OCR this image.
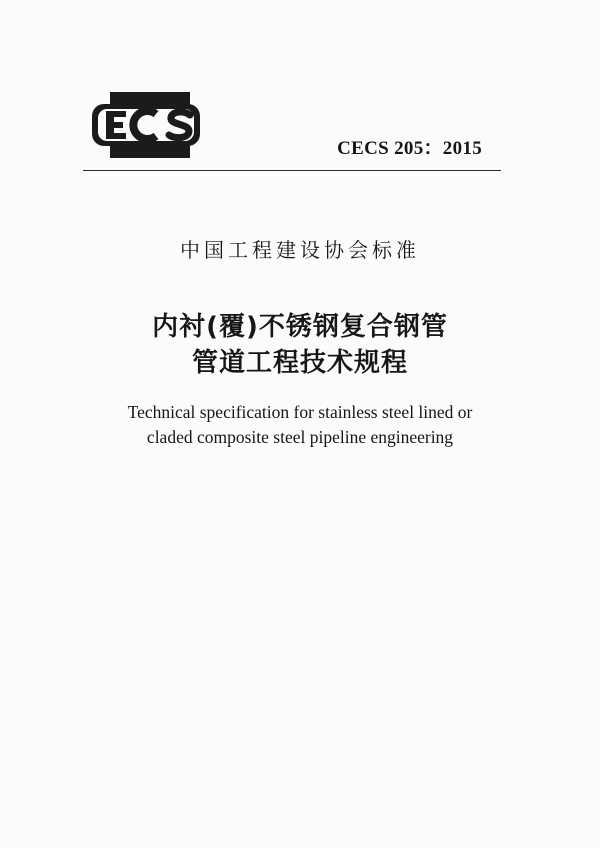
CECS 205：2015
中国工程建设协会标准
内衬(覆)不锈钢复合钢管
管道工程技术规程
Technical specification for stainless steel lined or
claded composite steel pipeline engineering
